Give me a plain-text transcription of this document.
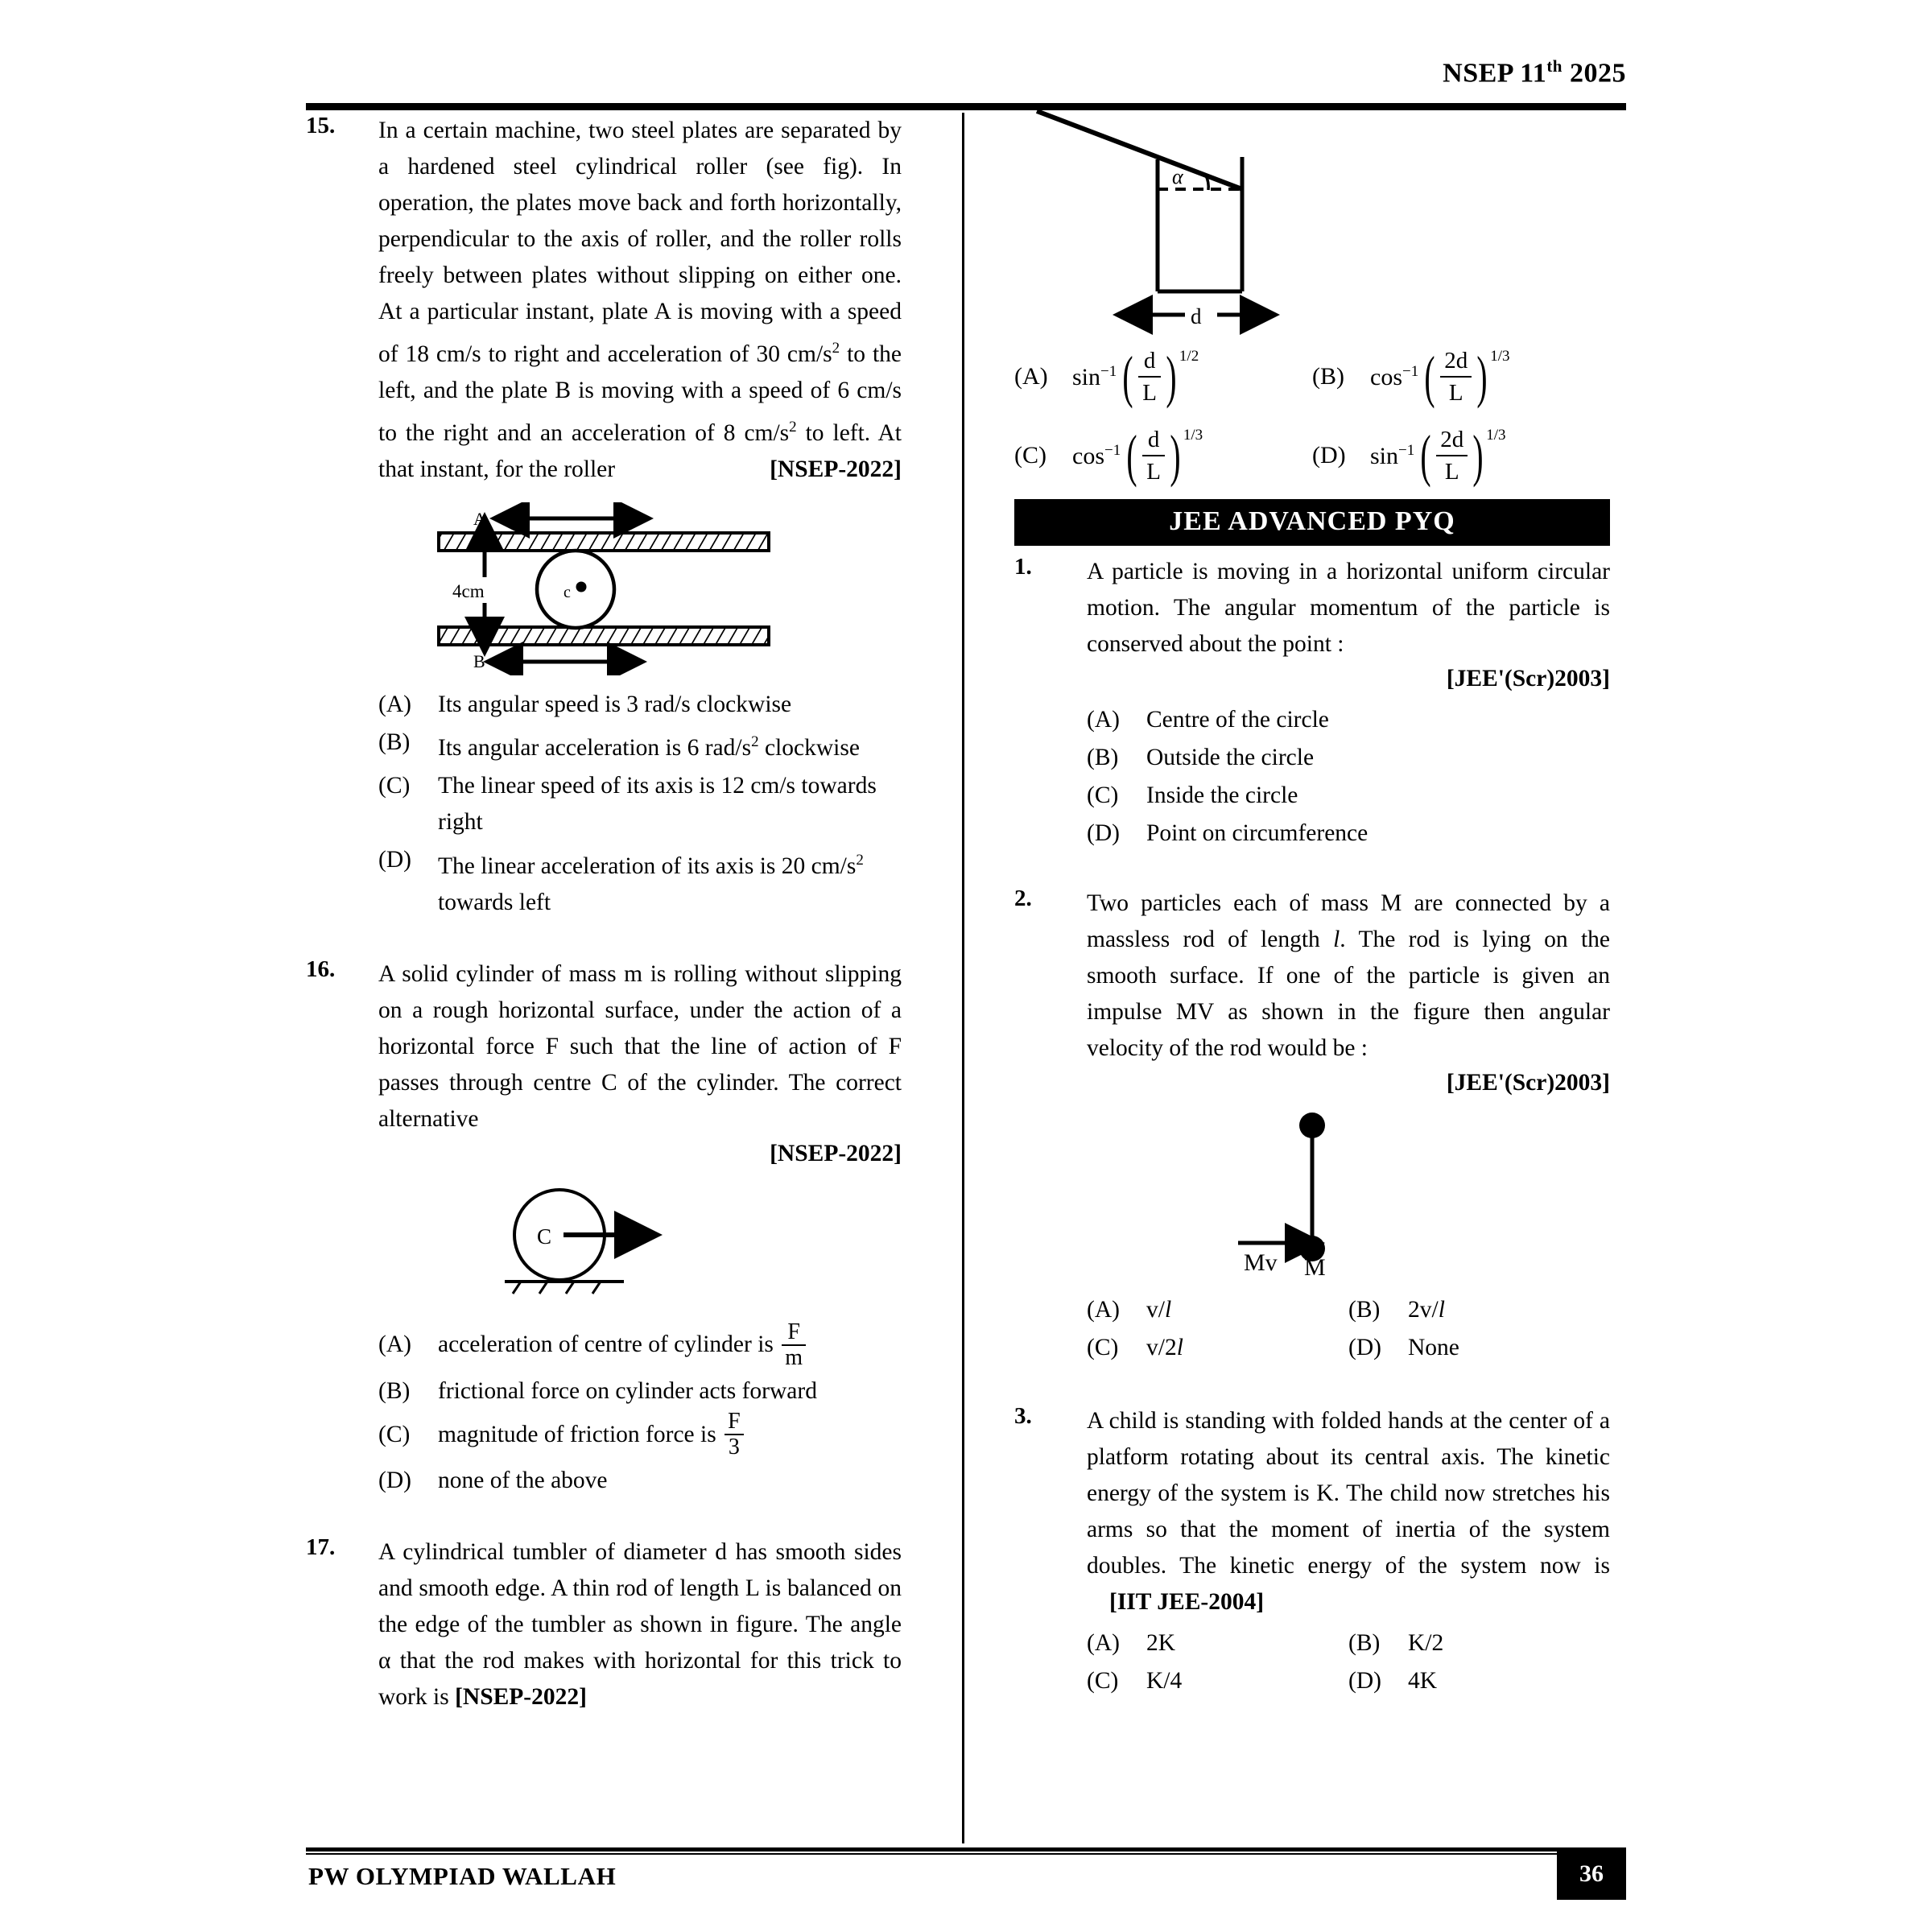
NSEP 11th 2025
15.	In a certain machine, two steel plates are separated by a hardened steel cylindrical roller (see fig). In operation, the plates move back and forth horizontally, perpendicular to the axis of roller, and the roller rolls freely between plates without slipping on either one. At a particular instant, plate A is moving with a speed of 18 cm/s to right and acceleration of 30 $cm/s^2$ to the left, and the plate B is moving with a speed of 6 cm/s to the right and an acceleration of 8 $cm/s^2$ to left. At that instant, for the roller	[NSEP-2022]
c
A
B
4cm
(A) Its angular speed is 3 rad/s clockwise
(B) Its angular acceleration is 6 rad/$s^2$ clockwise
(C) The linear speed of its axis is 12 cm/s towards right
(D) The linear acceleration of its axis is 20 $cm/s^2$ towards left
16.	A solid cylinder of mass m is rolling without slipping on a rough horizontal surface, under the action of a horizontal force F such that the line of action of F passes through centre C of the cylinder. The correct alternative
[NSEP-2022]
C	F
(A) acceleration of centre of cylinder is $\frac{F}{m}$
(B) frictional force on cylinder acts forward
(C) magnitude of friction force is $\frac{F}{3}$
(D) none of the above
17.	A cylindrical tumbler of diameter d has smooth sides and smooth edge. A thin rod of length L is balanced on the edge of the tumbler as shown in figure. The angle α that the rod makes with horizontal for this trick to work is [NSEP-2022]
α
d
(A)	$\sin^{-1}$ ( $\frac{d}{L}$ ) 1/2
(B)	$\cos^{-1}$ ( $\frac{2d}{L}$ ) 1/3
(C)	$\cos^{-1}$ ( $\frac{d}{L}$ ) 1/3
(D)	$\sin^{-1}$ ( $\frac{2d}{L}$ ) 1/3
JEE ADVANCED PYQ
1.	A particle is moving in a horizontal uniform circular motion. The angular momentum of the particle is conserved about the point :
[JEE'(Scr)2003]
(A) Centre of the circle
(B) Outside the circle
(C) Inside the circle
(D) Point on circumference
2.	Two particles each of mass M are connected by a massless rod of length l. The rod is lying on the smooth surface. If one of the particle is given an impulse MV as shown in the figure then angular velocity of the rod would be :
[JEE'(Scr)2003]
Mv M
(A) v/l	(B) 2v/l
(C) v/2l	(D) None
3.	A child is standing with folded hands at the center of a platform rotating about its central axis. The kinetic energy of the system is K. The child now stretches his arms so that the moment of inertia of the system doubles. The kinetic energy of the system now is [IIT JEE-2004]
(A) 2K	(B) K/2
(C) K/4	(D) 4K
PW OLYMPIAD WALLAH	36
